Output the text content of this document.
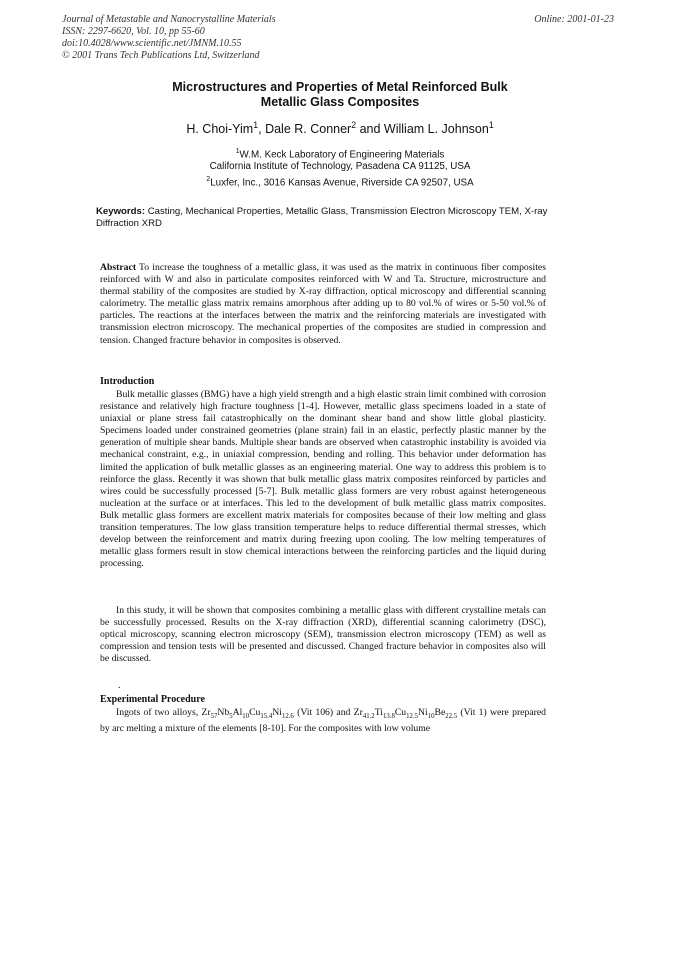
Journal of Metastable and Nanocrystalline Materials
ISSN: 2297-6620, Vol. 10, pp 55-60
doi:10.4028/www.scientific.net/JMNM.10.55
© 2001 Trans Tech Publications Ltd, Switzerland
Online: 2001-01-23
Microstructures and Properties of Metal Reinforced Bulk
Metallic Glass Composites
H. Choi-Yim$^1$, Dale R. Conner$^2$ and William L. Johnson$^1$
$^1$W.M. Keck Laboratory of Engineering Materials
California Institute of Technology, Pasadena CA 91125, USA
$^2$Luxfer, Inc., 3016 Kansas Avenue, Riverside CA 92507, USA
Keywords: Casting, Mechanical Properties, Metallic Glass, Transmission Electron Microscopy TEM, X-ray Diffraction XRD
Abstract To increase the toughness of a metallic glass, it was used as the matrix in continuous fiber composites reinforced with W and also in particulate composites reinforced with W and Ta. Structure, microstructure and thermal stability of the composites are studied by X-ray diffraction, optical microscopy and differential scanning calorimetry. The metallic glass matrix remains amorphous after adding up to 80 vol.% of wires or 5-50 vol.% of particles. The reactions at the interfaces between the matrix and the reinforcing materials are investigated with transmission electron microscopy. The mechanical properties of the composites are studied in compression and tension. Changed fracture behavior in composites is observed.
Introduction

Bulk metallic glasses (BMG) have a high yield strength and a high elastic strain limit combined with corrosion resistance and relatively high fracture toughness [1-4]. However, metallic glass specimens loaded in a state of uniaxial or plane stress fail catastrophically on the dominant shear band and show little global plasticity. Specimens loaded under constrained geometries (plane strain) fail in an elastic, perfectly plastic manner by the generation of multiple shear bands. Multiple shear bands are observed when catastrophic instability is avoided via mechanical constraint, e.g., in uniaxial compression, bending and rolling. This behavior under deformation has limited the application of bulk metallic glasses as an engineering material. One way to address this problem is to reinforce the glass. Recently it was shown that bulk metallic glass matrix composites reinforced by particles and wires could be successfully processed [5-7]. Bulk metallic glass formers are very robust against heterogeneous nucleation at the surface or at interfaces. This led to the development of bulk metallic glass matrix composites. Bulk metallic glass formers are excellent matrix materials for composites because of their low melting and glass transition temperatures. The low glass transition temperature helps to reduce differential thermal stresses, which develop between the reinforcement and matrix during freezing upon cooling. The low melting temperatures of metallic glass formers result in slow chemical interactions between the reinforcing particles and the liquid during processing.

In this study, it will be shown that composites combining a metallic glass with different crystalline metals can be successfully processed. Results on the X-ray diffraction (XRD), differential scanning calorimetry (DSC), optical microscopy, scanning electron microscopy (SEM), transmission electron microscopy (TEM) as well as compression and tension tests will be presented and discussed. Changed fracture behavior in composites also will be discussed.

.
Experimental Procedure

Ingots of two alloys, $Zr_{57}Nb_5Al_{10}Cu_{15.4}Ni_{12.6}$ (Vit 106) and $Zr_{41.2}Ti_{13.8}Cu_{12.5}Ni_{10}Be_{22.5}$ (Vit 1) were prepared by arc melting a mixture of the elements [8-10]. For the composites with low volume
